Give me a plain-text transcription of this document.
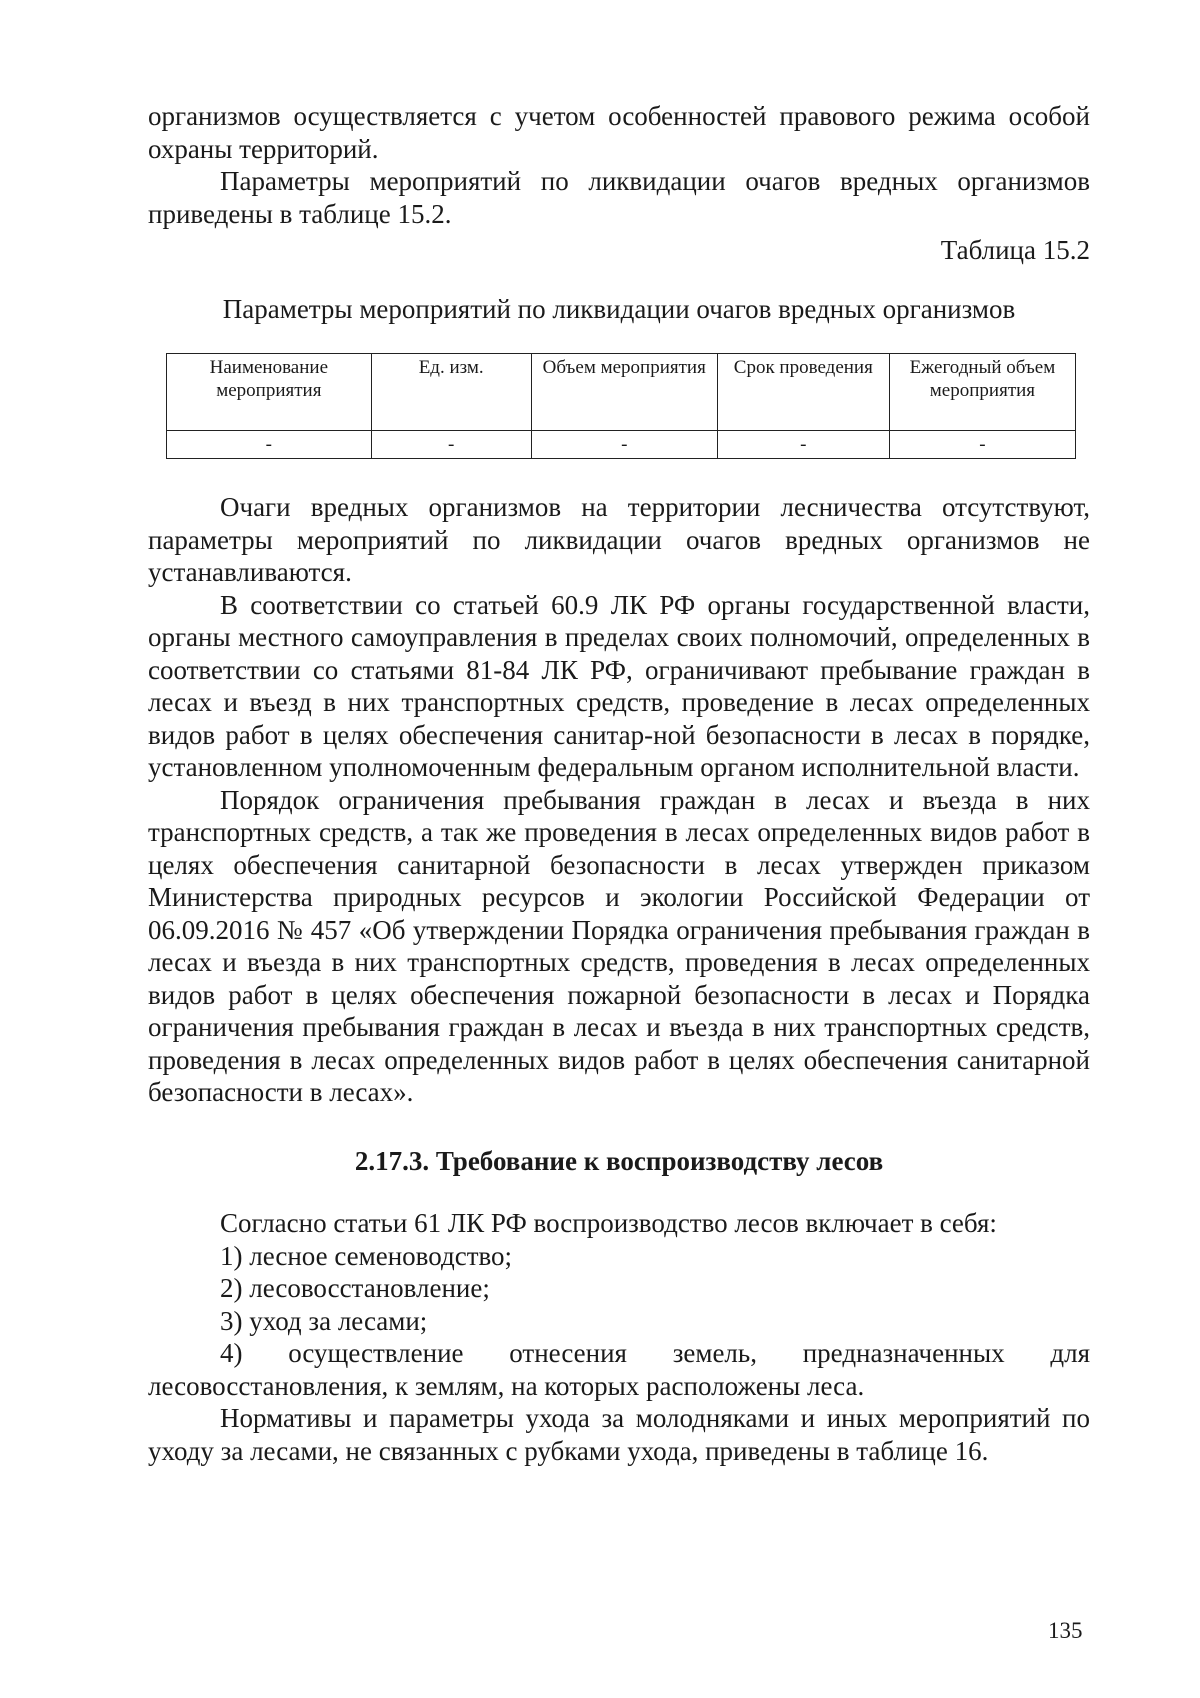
организмов осуществляется с учетом особенностей правового режима особой охраны территорий.

Параметры мероприятий по ликвидации очагов вредных организмов приведены в таблице 15.2.

Таблица 15.2

Параметры мероприятий по ликвидации очагов вредных организмов

Наименование мероприятия	Ед. изм.	Объем мероприятия	Срок проведения	Ежегодный объем мероприятия
-	-	-	-	-

Очаги вредных организмов на территории лесничества отсутствуют, параметры мероприятий по ликвидации очагов вредных организмов не устанавливаются.

В соответствии со статьей 60.9 ЛК РФ органы государственной власти, органы местного самоуправления в пределах своих полномочий, определенных в соответствии со статьями 81-84 ЛК РФ, ограничивают пребывание граждан в лесах и въезд в них транспортных средств, проведение в лесах определенных видов работ в целях обеспечения санитар-ной безопасности в лесах в порядке, установленном уполномоченным федеральным органом исполнительной власти.

Порядок ограничения пребывания граждан в лесах и въезда в них транспортных средств, а так же проведения в лесах определенных видов работ в целях обеспечения санитарной безопасности в лесах утвержден приказом Министерства природных ресурсов и экологии Российской Федерации от 06.09.2016 № 457 «Об утверждении Порядка ограничения пребывания граждан в лесах и въезда в них транспортных средств, проведения в лесах определенных видов работ в целях обеспечения пожарной безопасности в лесах и Порядка ограничения пребывания граждан в лесах и въезда в них транспортных средств, проведения в лесах определенных видов работ в целях обеспечения санитарной безопасности в лесах».

2.17.3. Требование к воспроизводству лесов

Согласно статьи 61 ЛК РФ воспроизводство лесов включает в себя:

1) лесное семеноводство;

2) лесовосстановление;

3) уход за лесами;

4) осуществление отнесения земель, предназначенных для лесовосстановления, к землям, на которых расположены леса.

Нормативы и параметры ухода за молодняками и иных мероприятий по уходу за лесами, не связанных с рубками ухода, приведены в таблице 16.

135
